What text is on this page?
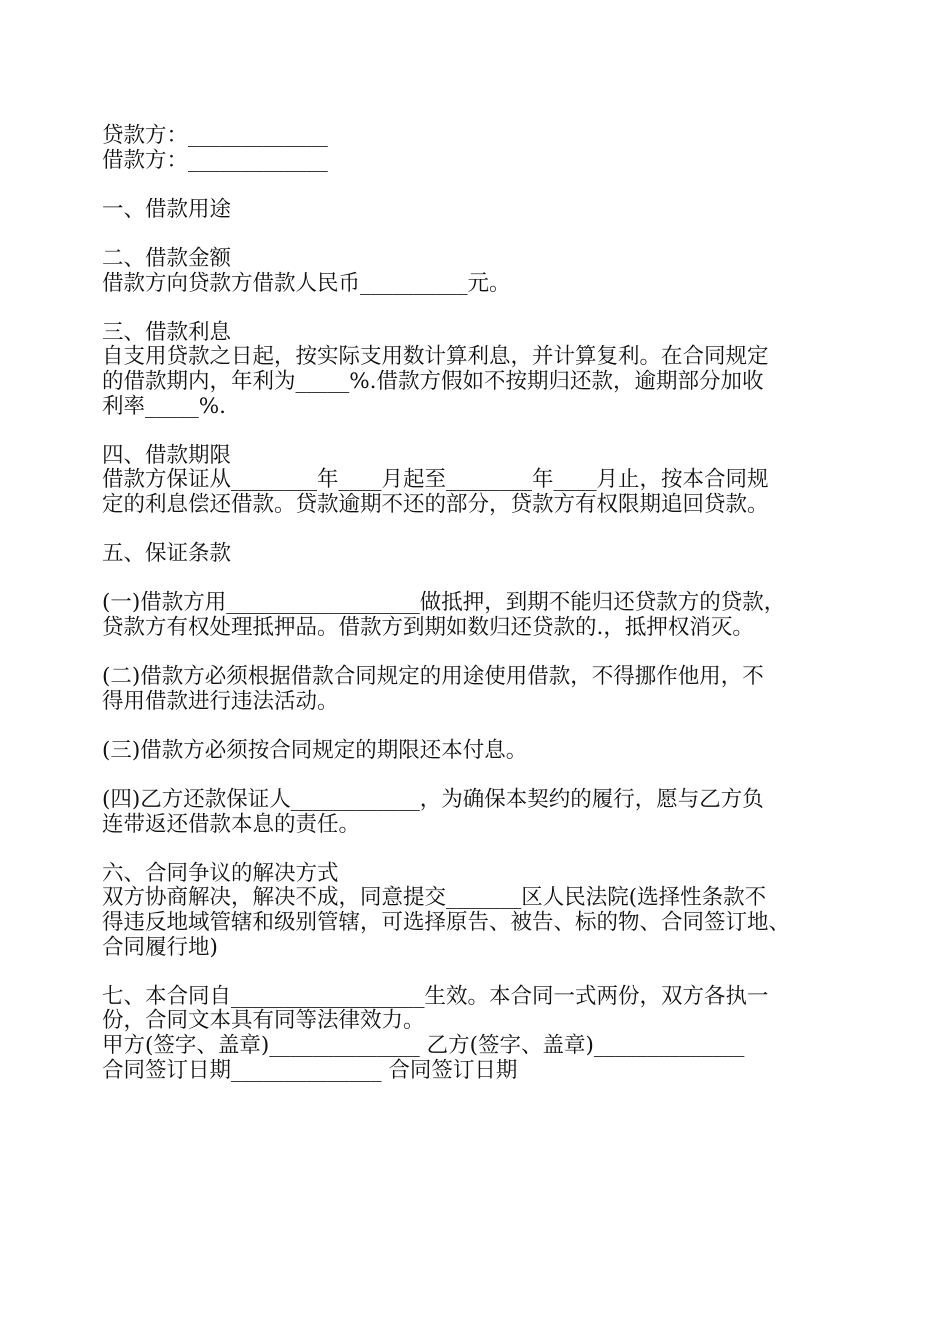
贷款方：_____________
借款方：_____________
一、借款用途
二、借款金额
借款方向贷款方借款人民币__________元。
三、借款利息
自支用贷款之日起，按实际支用数计算利息，并计算复利。在合同规定
的借款期内，年利为_____%.借款方假如不按期归还款，逾期部分加收
利率_____%.
四、借款期限
借款方保证从________年____月起至________年____月止，按本合同规
定的利息偿还借款。贷款逾期不还的部分，贷款方有权限期追回贷款。
五、保证条款
(一)借款方用__________________做抵押，到期不能归还贷款方的贷款，
贷款方有权处理抵押品。借款方到期如数归还贷款的.，抵押权消灭。
(二)借款方必须根据借款合同规定的用途使用借款，不得挪作他用，不
得用借款进行违法活动。
(三)借款方必须按合同规定的期限还本付息。
(四)乙方还款保证人____________，为确保本契约的履行，愿与乙方负
连带返还借款本息的责任。
六、合同争议的解决方式
双方协商解决，解决不成，同意提交_______区人民法院(选择性条款不
得违反地域管辖和级别管辖，可选择原告、被告、标的物、合同签订地、
合同履行地)
七、本合同自__________________生效。本合同一式两份，双方各执一
份，合同文本具有同等法律效力。
甲方(签字、盖章)______________ 乙方(签字、盖章)______________
合同签订日期______________ 合同签订日期
